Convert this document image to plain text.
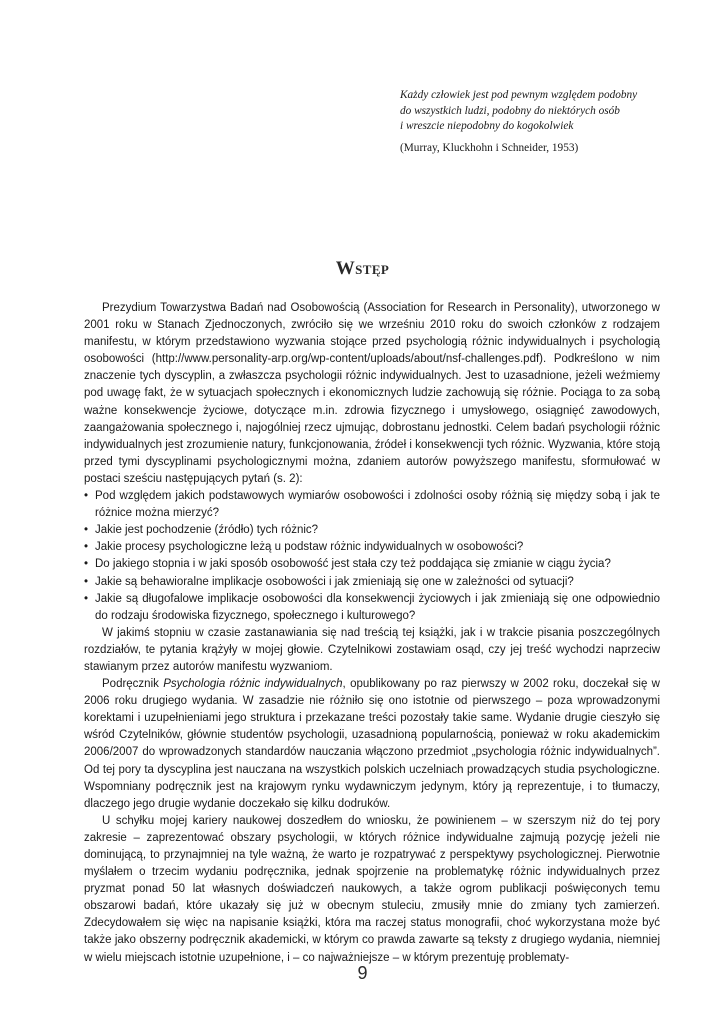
Każdy człowiek jest pod pewnym względem podobny
do wszystkich ludzi, podobny do niektórych osób
i wreszcie niepodobny do kogokolwiek
(Murray, Kluckhohn i Schneider, 1953)
Wstęp

Prezydium Towarzystwa Badań nad Osobowością (Association for Research in Personality), utworzonego w 2001 roku w Stanach Zjednoczonych, zwróciło się we wrześniu 2010 roku do swoich członków z rodzajem manifestu, w którym przedstawiono wyzwania stojące przed psychologią różnic indywidualnych i psychologią osobowości (http://www.personality-arp.org/wp-content/uploads/about/nsf-challenges.pdf). Podkreślono w nim znaczenie tych dyscyplin, a zwłaszcza psychologii różnic indywidualnych. Jest to uzasadnione, jeżeli weźmiemy pod uwagę fakt, że w sytuacjach społecznych i ekonomicznych ludzie zachowują się różnie. Pociąga to za sobą ważne konsekwencje życiowe, dotyczące m.in. zdrowia fizycznego i umysłowego, osiągnięć zawodowych, zaangażowania społecznego i, najogólniej rzecz ujmując, dobrostanu jednostki. Celem badań psychologii różnic indywidualnych jest zrozumienie natury, funkcjonowania, źródeł i konsekwencji tych różnic. Wyzwania, które stoją przed tymi dyscyplinami psychologicznymi można, zdaniem autorów powyższego manifestu, sformułować w postaci sześciu następujących pytań (s. 2):

•
Pod względem jakich podstawowych wymiarów osobowości i zdolności osoby różnią się między sobą i jak te różnice można mierzyć?
•
Jakie jest pochodzenie (źródło) tych różnic?
•
Jakie procesy psychologiczne leżą u podstaw różnic indywidualnych w osobowości?
•
Do jakiego stopnia i w jaki sposób osobowość jest stała czy też poddająca się zmianie w ciągu życia?
•
Jakie są behawioralne implikacje osobowości i jak zmieniają się one w zależności od sytuacji?
•
Jakie są długofalowe implikacje osobowości dla konsekwencji życiowych i jak zmieniają się one odpowiednio do rodzaju środowiska fizycznego, społecznego i kulturowego?

W jakimś stopniu w czasie zastanawiania się nad treścią tej książki, jak i w trakcie pisania poszczególnych rozdziałów, te pytania krążyły w mojej głowie. Czytelnikowi zostawiam osąd, czy jej treść wychodzi naprzeciw stawianym przez autorów manifestu wyzwaniom.

Podręcznik Psychologia różnic indywidualnych, opublikowany po raz pierwszy w 2002 roku, doczekał się w 2006 roku drugiego wydania. W zasadzie nie różniło się ono istotnie od pierwszego – poza wprowadzonymi korektami i uzupełnieniami jego struktura i przekazane treści pozostały takie same. Wydanie drugie cieszyło się wśród Czytelników, głównie studentów psychologii, uzasadnioną popularnością, ponieważ w roku akademickim 2006/2007 do wprowadzonych standardów nauczania włączono przedmiot „psychologia różnic indywidualnych”. Od tej pory ta dyscyplina jest nauczana na wszystkich polskich uczelniach prowadzących studia psychologiczne. Wspomniany podręcznik jest na krajowym rynku wydawniczym jedynym, który ją reprezentuje, i to tłumaczy, dlaczego jego drugie wydanie doczekało się kilku dodruków.

U schyłku mojej kariery naukowej doszedłem do wniosku, że powinienem – w szerszym niż do tej pory zakresie – zaprezentować obszary psychologii, w których różnice indywidualne zajmują pozycję jeżeli nie dominującą, to przynajmniej na tyle ważną, że warto je rozpatrywać z perspektywy psychologicznej. Pierwotnie myślałem o trzecim wydaniu podręcznika, jednak spojrzenie na problematykę różnic indywidualnych przez pryzmat ponad 50 lat własnych doświadczeń naukowych, a także ogrom publikacji poświęconych temu obszarowi badań, które ukazały się już w obecnym stuleciu, zmusiły mnie do zmiany tych zamierzeń. Zdecydowałem się więc na napisanie książki, która ma raczej status monografii, choć wykorzystana może być także jako obszerny podręcznik akademicki, w którym co prawda zawarte są teksty z drugiego wydania, niemniej w wielu miejscach istotnie uzupełnione, i – co najważniejsze – w którym prezentuję problematy-

9
